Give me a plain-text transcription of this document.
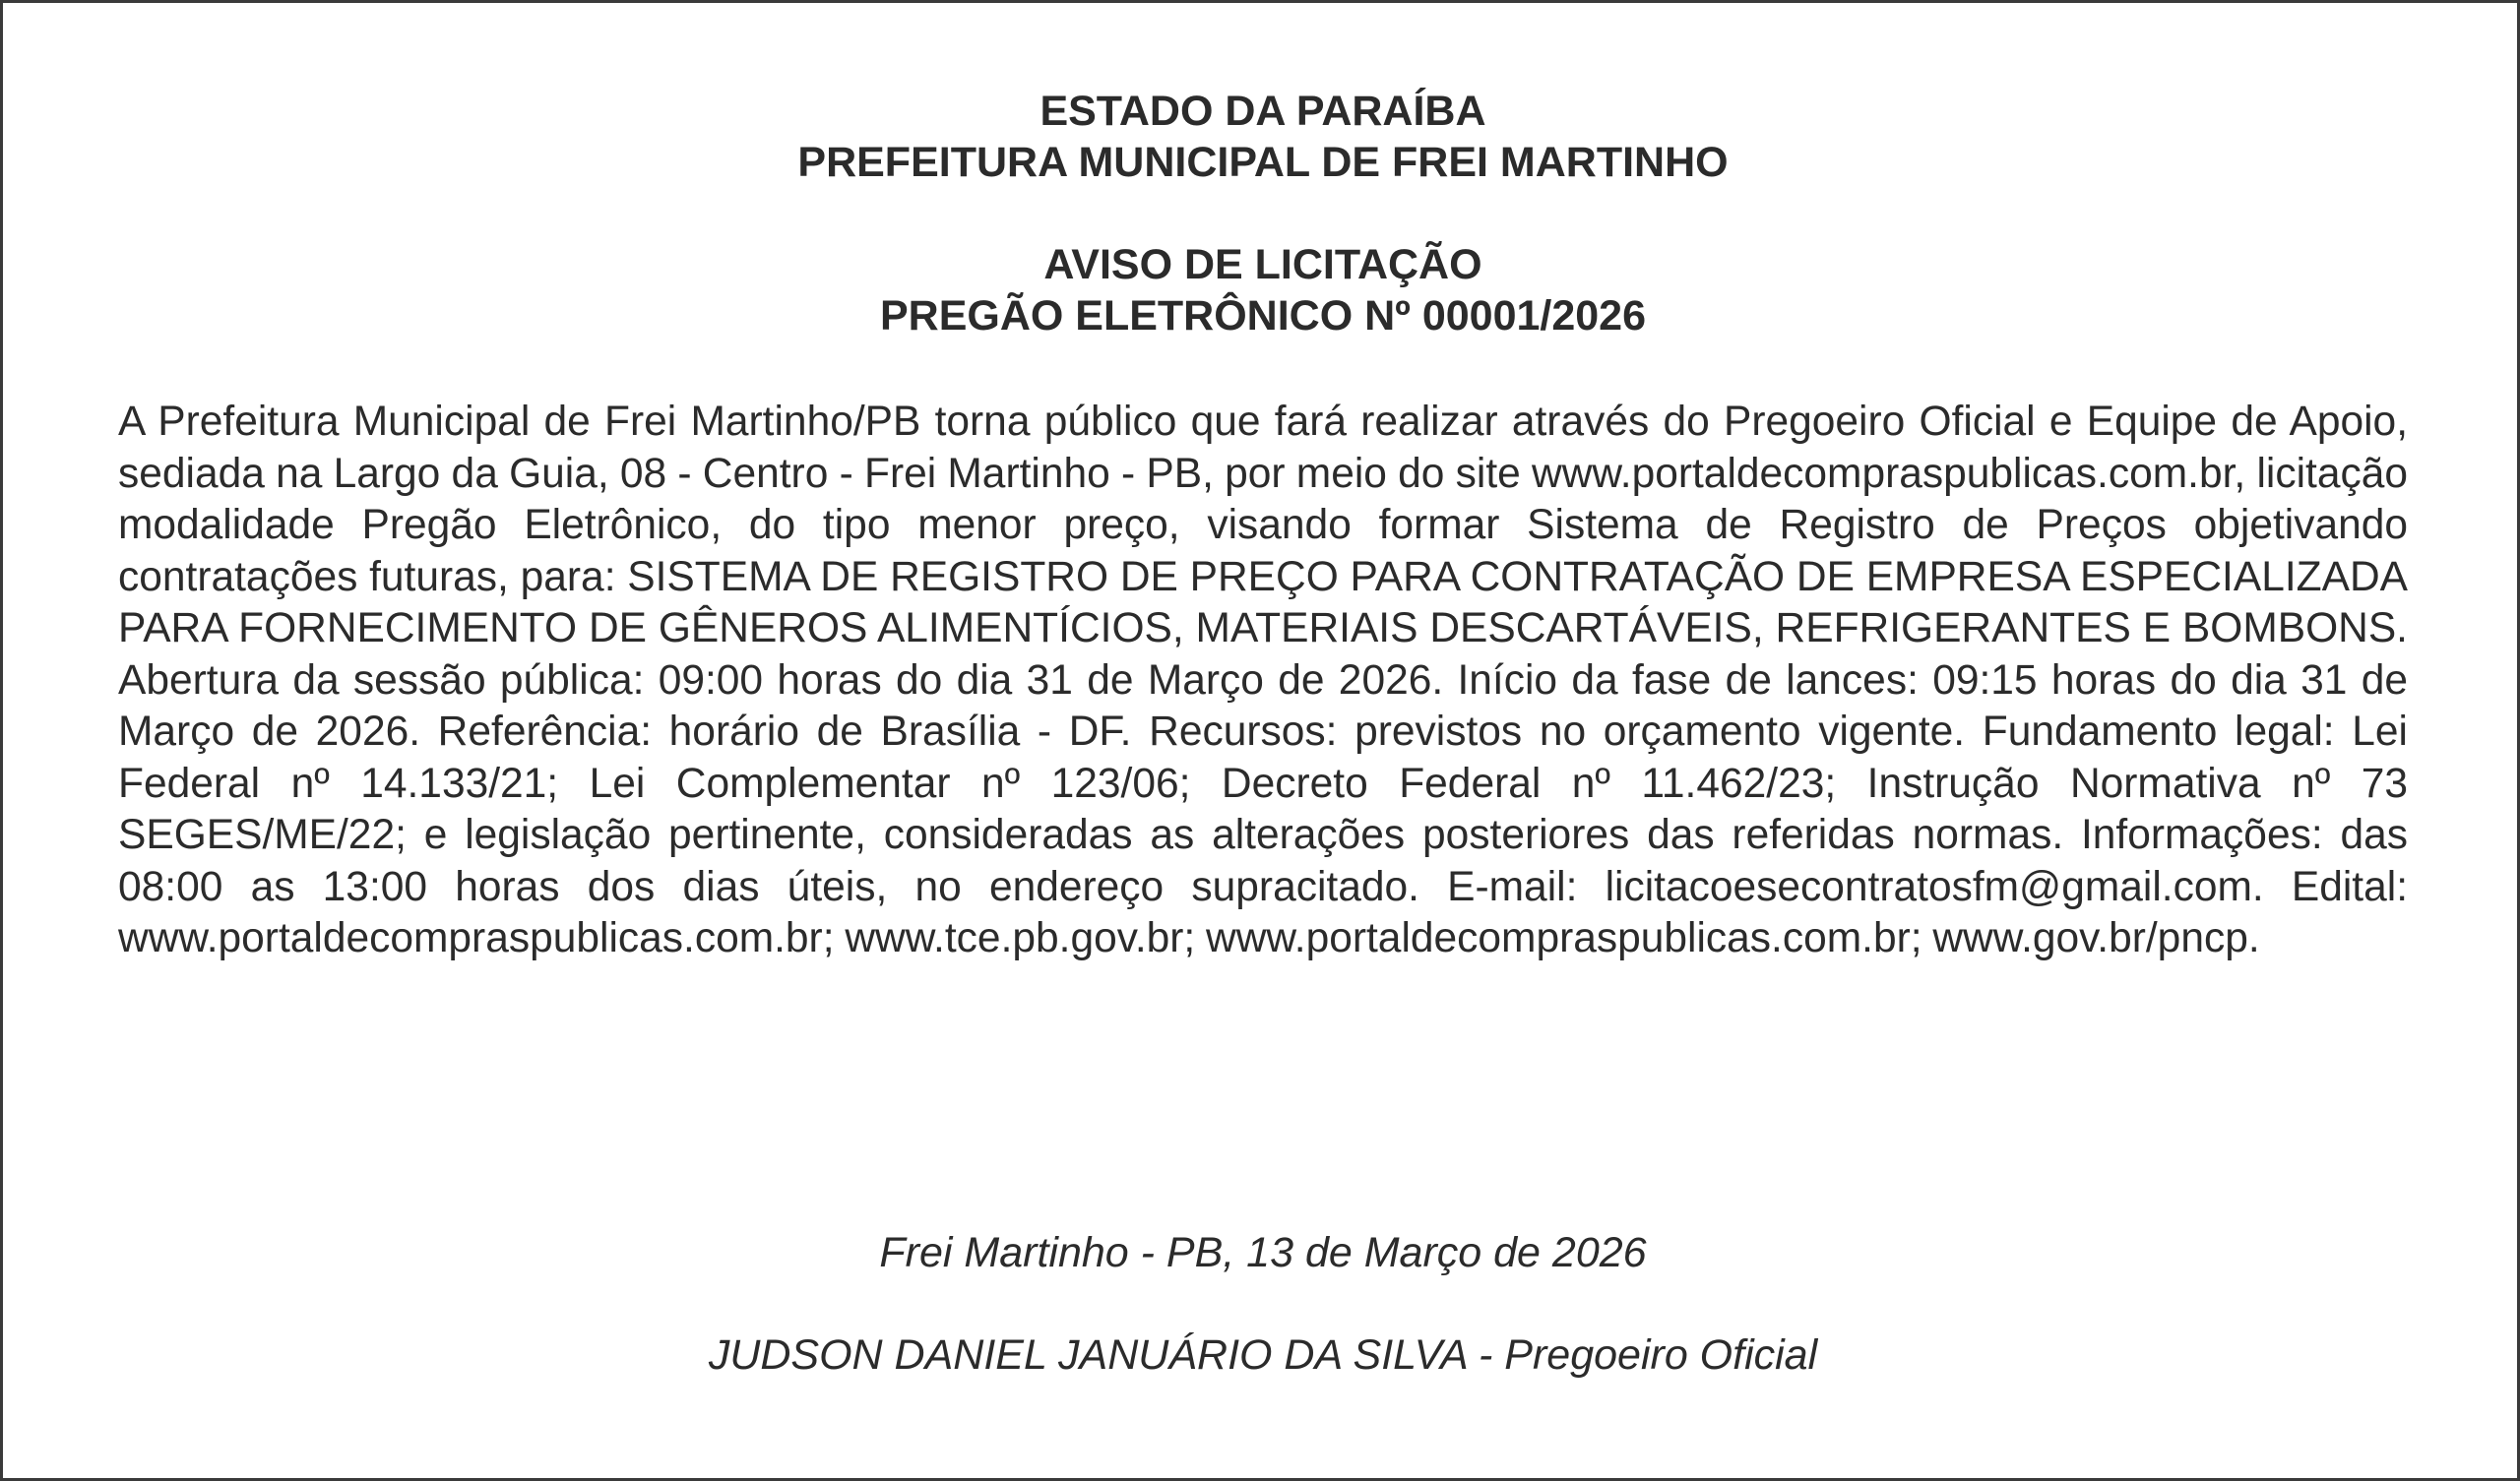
ESTADO DA PARAÍBA
PREFEITURA MUNICIPAL DE FREI MARTINHO
AVISO DE LICITAÇÃO
PREGÃO ELETRÔNICO Nº 00001/2026
A Prefeitura Municipal de Frei Martinho/PB torna público que fará realizar através do Pregoeiro Oficial e Equipe de Apoio, sediada na Largo da Guia, 08 - Centro - Frei Martinho - PB, por meio do site www.portaldecompraspublicas.com.br, licitação modalidade Pregão Eletrônico, do tipo menor preço, visando formar Sistema de Registro de Preços objetivando contratações futuras, para: SISTEMA DE REGISTRO DE PREÇO PARA CONTRATAÇÃO DE EMPRESA ESPECIALIZADA PARA FORNECIMENTO DE GÊNEROS ALIMENTÍCIOS, MATERIAIS DESCARTÁVEIS, REFRIGERANTES E BOMBONS. Abertura da sessão pública: 09:00 horas do dia 31 de Março de 2026. Início da fase de lances: 09:15 horas do dia 31 de Março de 2026. Referência: horário de Brasília - DF. Recursos: previstos no orçamento vigente. Fundamento legal: Lei Federal nº 14.133/21; Lei Complementar nº 123/06; Decreto Federal nº 11.462/23; Instrução Normativa nº 73 SEGES/ME/22; e legislação pertinente, consideradas as alterações posteriores das referidas normas. Informações: das 08:00 as 13:00 horas dos dias úteis, no endereço supracitado. E-mail: licitacoesecontratosfm@gmail.com. Edital: www.portaldecompraspublicas.com.br; www.tce.pb.gov.br; www.portaldecompraspublicas.com.br; www.gov.br/pncp.
Frei Martinho - PB, 13 de Março de 2026
JUDSON DANIEL JANUÁRIO DA SILVA - Pregoeiro Oficial
